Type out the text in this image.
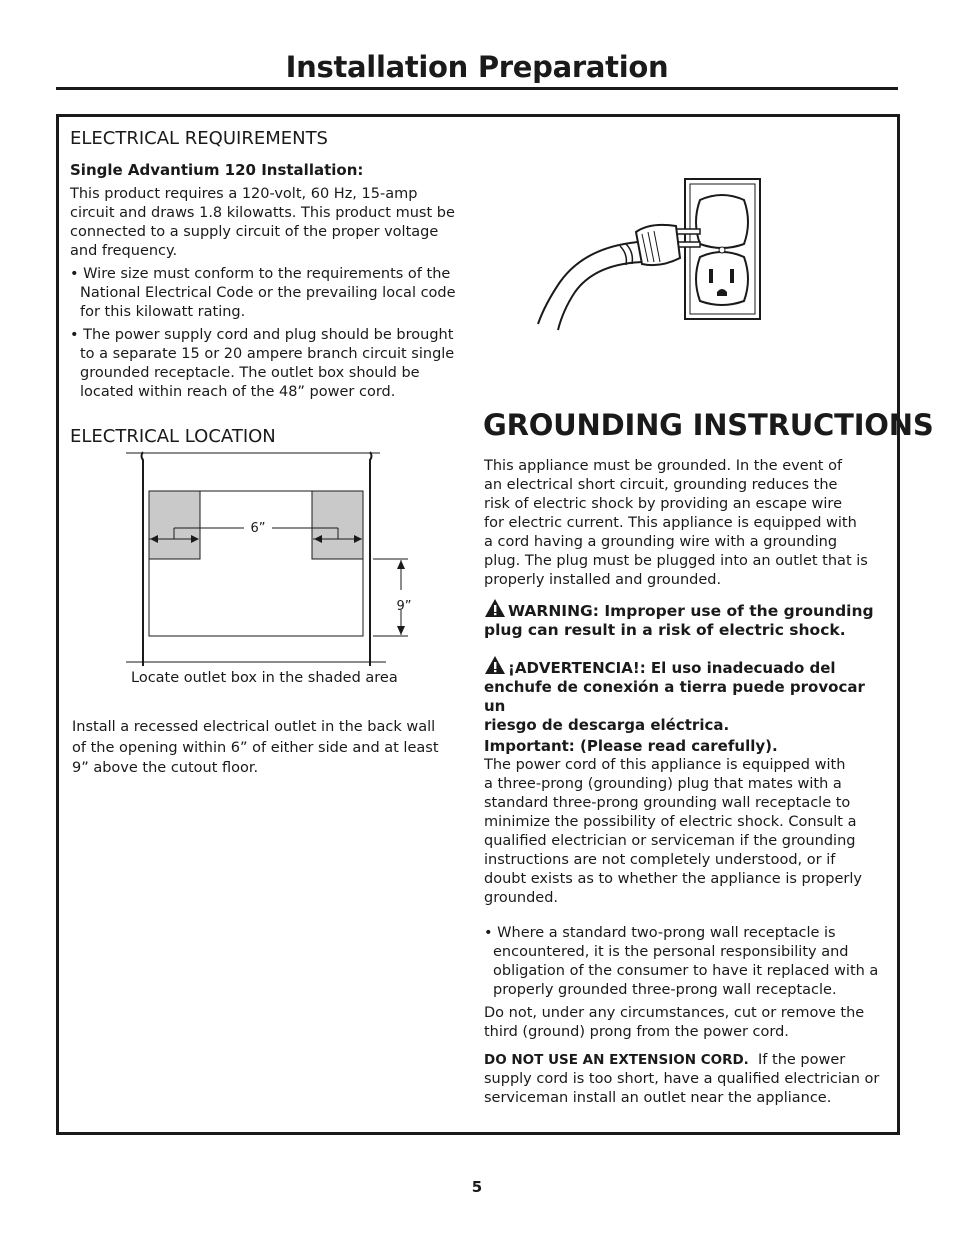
Installation Preparation
ELECTRICAL REQUIREMENTS
Single Advantium 120 Installation:
This product requires a 120-volt, 60 Hz, 15-amp
circuit and draws 1.8 kilowatts. This product must be
connected to a supply circuit of the proper voltage
and frequency.
• Wire size must conform to the requirements of the
National Electrical Code or the prevailing local code
for this kilowatt rating.
• The power supply cord and plug should be brought
to a separate 15 or 20 ampere branch circuit single
grounded receptacle. The outlet box should be
located within reach of the 48” power cord.
ELECTRICAL LOCATION
6”
9”
Locate outlet box in the shaded area
Install a recessed electrical outlet in the back wall
of the opening within 6” of either side and at least
9” above the cutout floor.
GROUNDING INSTRUCTIONS
This appliance must be grounded. In the event of
an electrical short circuit, grounding reduces the
risk of electric shock by providing an escape wire
for electric current. This appliance is equipped with
a cord having a grounding wire with a grounding
plug. The plug must be plugged into an outlet that is
properly installed and grounded.
WARNING: Improper use of the grounding
plug can result in a risk of electric shock.
¡ADVERTENCIA!: El uso inadecuado del
enchufe de conexión a tierra puede provocar un
riesgo de descarga eléctrica.
Important: (Please read carefully).
The power cord of this appliance is equipped with
a three-prong (grounding) plug that mates with a
standard three-prong grounding wall receptacle to
minimize the possibility of electric shock. Consult a
qualified electrician or serviceman if the grounding
instructions are not completely understood, or if
doubt exists as to whether the appliance is properly
grounded.
• Where a standard two-prong wall receptacle is
encountered, it is the personal responsibility and
obligation of the consumer to have it replaced with a
properly grounded three-prong wall receptacle.
Do not, under any circumstances, cut or remove the
third (ground) prong from the power cord.
DO NOT USE AN EXTENSION CORD.  If the power
supply cord is too short, have a qualified electrician or
serviceman install an outlet near the appliance.
5
